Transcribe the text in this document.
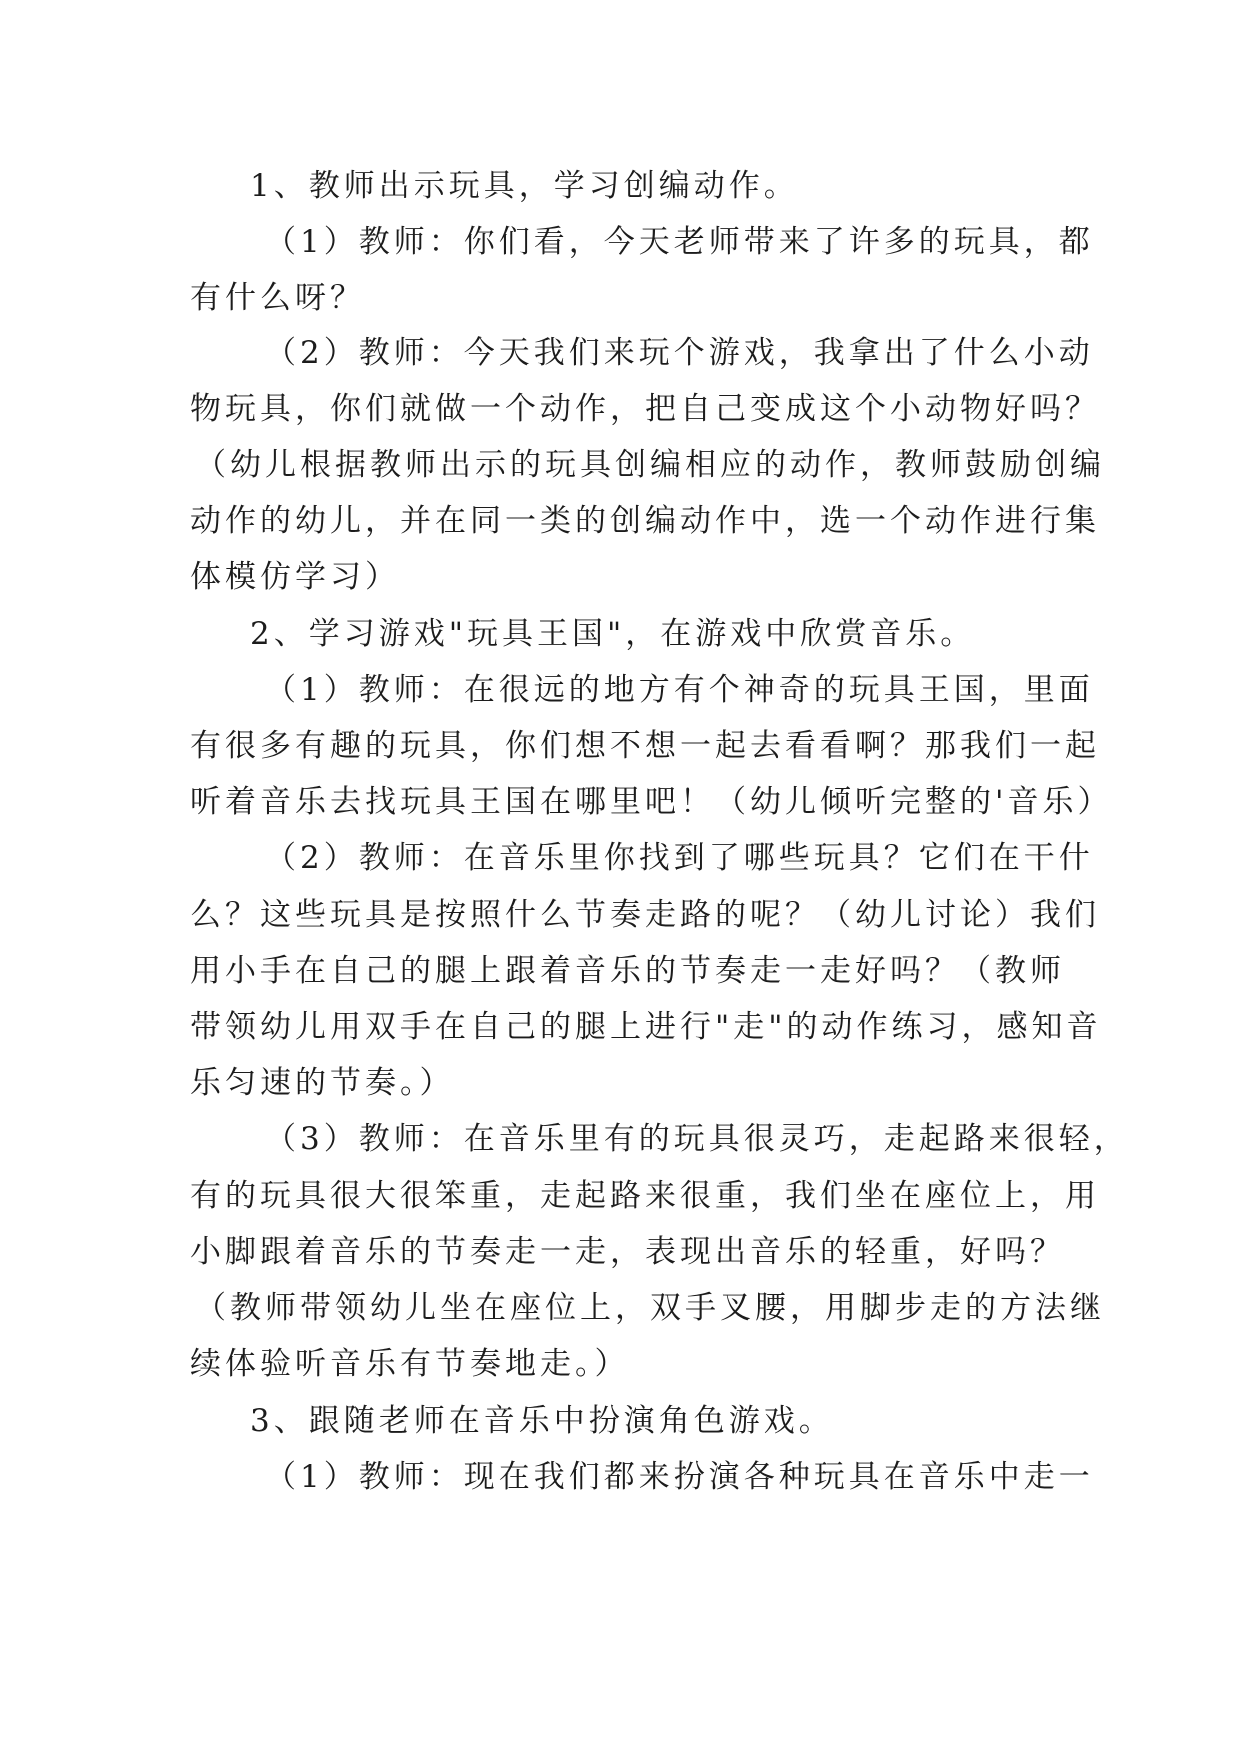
1、教师出示玩具，学习创编动作。
（1）教师：你们看，今天老师带来了许多的玩具，都
有什么呀？
（2）教师：今天我们来玩个游戏，我拿出了什么小动
物玩具，你们就做一个动作，把自己变成这个小动物好吗？
（幼儿根据教师出示的玩具创编相应的动作，教师鼓励创编
动作的幼儿，并在同一类的创编动作中，选一个动作进行集
体模仿学习）
2、学习游戏"玩具王国"，在游戏中欣赏音乐。
（1）教师：在很远的地方有个神奇的玩具王国，里面
有很多有趣的玩具，你们想不想一起去看看啊？那我们一起
听着音乐去找玩具王国在哪里吧！（幼儿倾听完整的'音乐）
（2）教师：在音乐里你找到了哪些玩具？它们在干什
么？这些玩具是按照什么节奏走路的呢？（幼儿讨论）我们
用小手在自己的腿上跟着音乐的节奏走一走好吗？（教师
带领幼儿用双手在自己的腿上进行"走"的动作练习，感知音
乐匀速的节奏。）
（3）教师：在音乐里有的玩具很灵巧，走起路来很轻，
有的玩具很大很笨重，走起路来很重，我们坐在座位上，用
小脚跟着音乐的节奏走一走，表现出音乐的轻重，好吗？
（教师带领幼儿坐在座位上，双手叉腰，用脚步走的方法继
续体验听音乐有节奏地走。）
3、跟随老师在音乐中扮演角色游戏。
（1）教师：现在我们都来扮演各种玩具在音乐中走一
